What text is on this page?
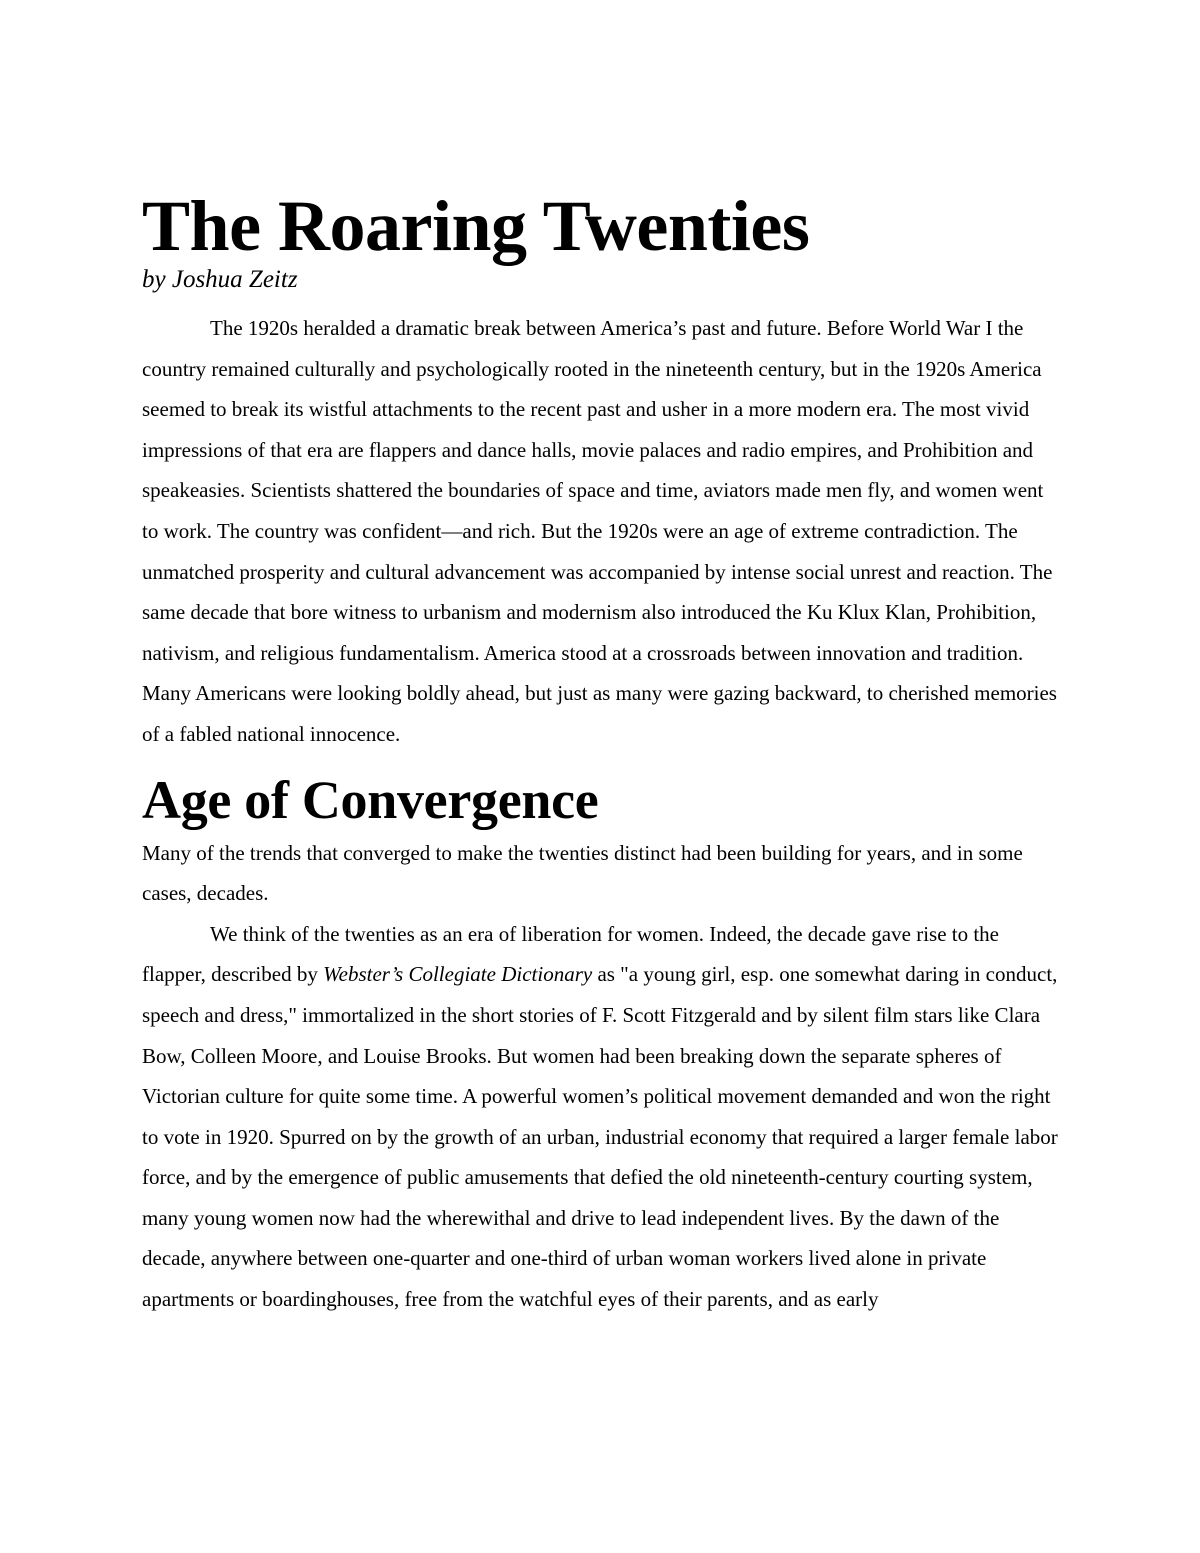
The Roaring Twenties

by Joshua Zeitz

The 1920s heralded a dramatic break between America’s past and future. Before World War I the country remained culturally and psychologically rooted in the nineteenth century, but in the 1920s America seemed to break its wistful attachments to the recent past and usher in a more modern era. The most vivid impressions of that era are flappers and dance halls, movie palaces and radio empires, and Prohibition and speakeasies. Scientists shattered the boundaries of space and time, aviators made men fly, and women went to work. The country was confident—and rich. But the 1920s were an age of extreme contradiction. The unmatched prosperity and cultural advancement was accompanied by intense social unrest and reaction. The same decade that bore witness to urbanism and modernism also introduced the Ku Klux Klan, Prohibition, nativism, and religious fundamentalism. America stood at a crossroads between innovation and tradition. Many Americans were looking boldly ahead, but just as many were gazing backward, to cherished memories of a fabled national innocence.

Age of Convergence

Many of the trends that converged to make the twenties distinct had been building for years, and in some cases, decades.

We think of the twenties as an era of liberation for women. Indeed, the decade gave rise to the flapper, described by Webster’s Collegiate Dictionary as "a young girl, esp. one somewhat daring in conduct, speech and dress," immortalized in the short stories of F. Scott Fitzgerald and by silent film stars like Clara Bow, Colleen Moore, and Louise Brooks. But women had been breaking down the separate spheres of Victorian culture for quite some time. A powerful women’s political movement demanded and won the right to vote in 1920. Spurred on by the growth of an urban, industrial economy that required a larger female labor force, and by the emergence of public amusements that defied the old nineteenth-century courting system, many young women now had the wherewithal and drive to lead independent lives. By the dawn of the decade, anywhere between one-quarter and one-third of urban woman workers lived alone in private apartments or boardinghouses, free from the watchful eyes of their parents, and as early
